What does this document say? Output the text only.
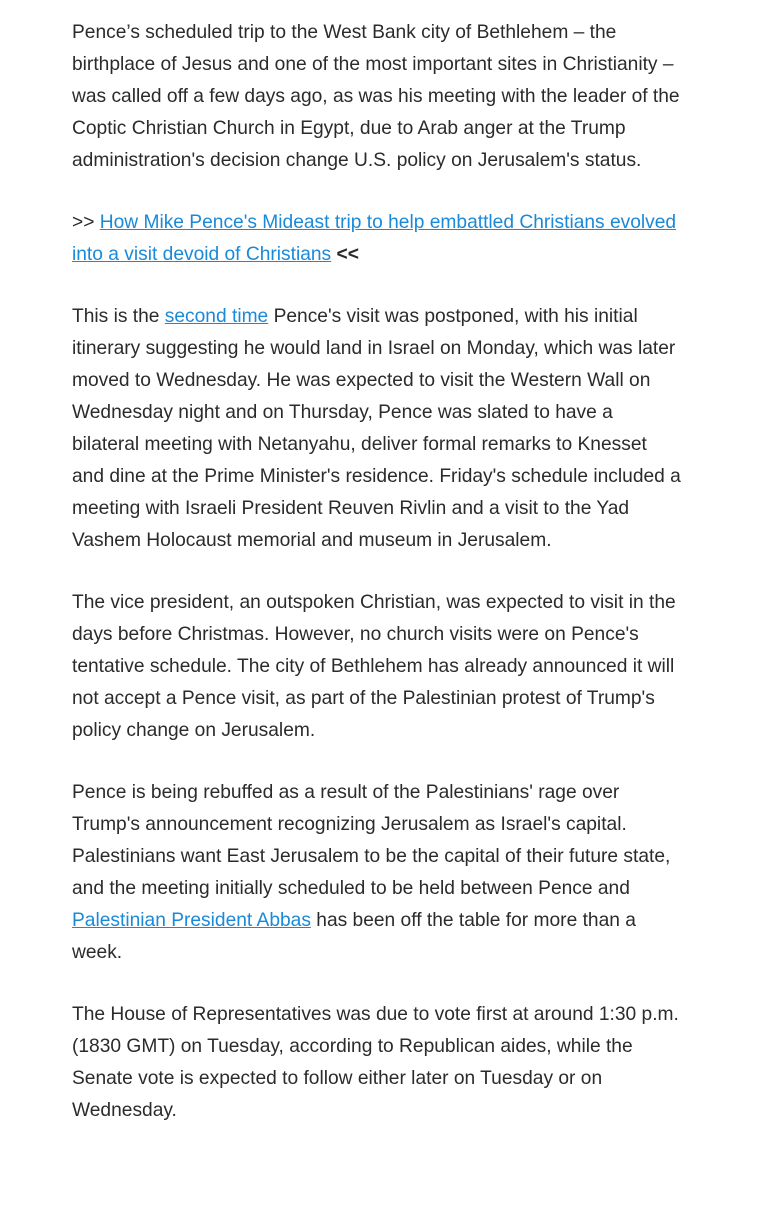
Pence’s scheduled trip to the West Bank city of Bethlehem – the birthplace of Jesus and one of the most important sites in Christianity – was called off a few days ago, as was his meeting with the leader of the Coptic Christian Church in Egypt, due to Arab anger at the Trump administration's decision change U.S. policy on Jerusalem's status.

>> How Mike Pence's Mideast trip to help embattled Christians evolved into a visit devoid of Christians <<

This is the second time Pence's visit was postponed, with his initial itinerary suggesting he would land in Israel on Monday, which was later moved to Wednesday. He was expected to visit the Western Wall on Wednesday night and on Thursday, Pence was slated to have a bilateral meeting with Netanyahu, deliver formal remarks to Knesset and dine at the Prime Minister's residence. Friday's schedule included a meeting with Israeli President Reuven Rivlin and a visit to the Yad Vashem Holocaust memorial and museum in Jerusalem.

The vice president, an outspoken Christian, was expected to visit in the days before Christmas. However, no church visits were on Pence's tentative schedule. The city of Bethlehem has already announced it will not accept a Pence visit, as part of the Palestinian protest of Trump's policy change on Jerusalem.

Pence is being rebuffed as a result of the Palestinians' rage over Trump's announcement recognizing Jerusalem as Israel's capital. Palestinians want East Jerusalem to be the capital of their future state, and the meeting initially scheduled to be held between Pence and Palestinian President Abbas has been off the table for more than a week.

The House of Representatives was due to vote first at around 1:30 p.m. (1830 GMT) on Tuesday, according to Republican aides, while the Senate vote is expected to follow either later on Tuesday or on Wednesday.
